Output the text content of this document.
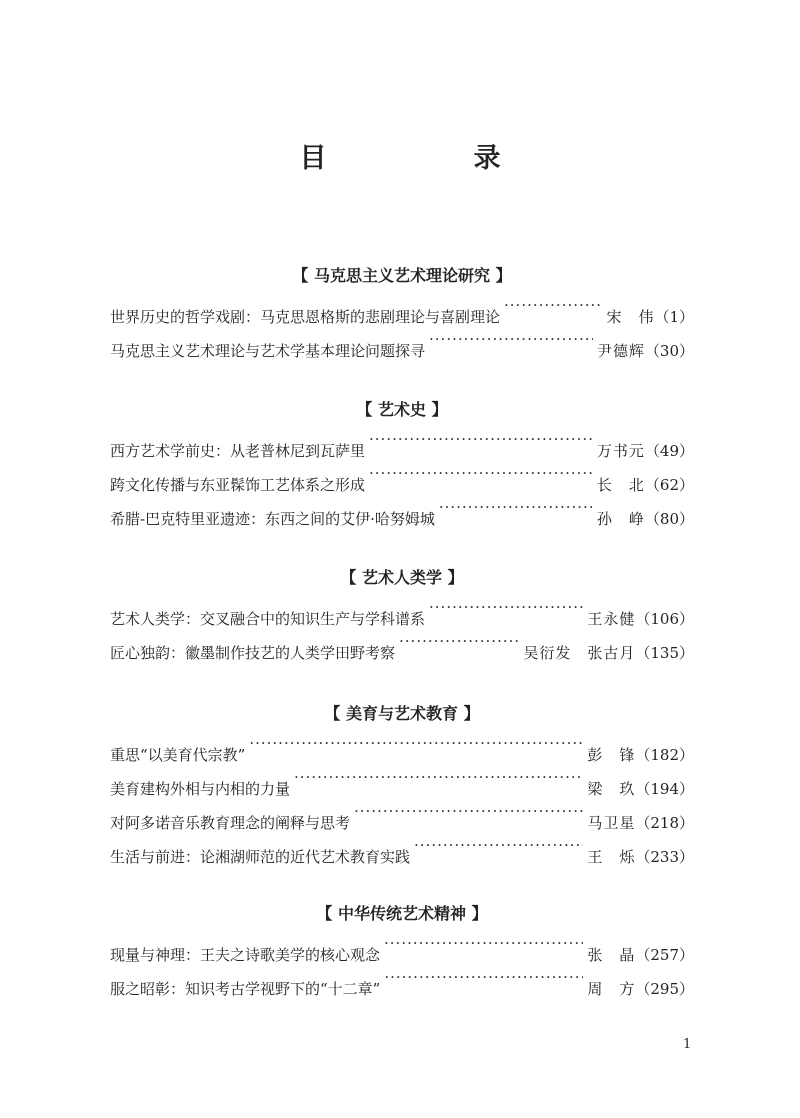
目　录
【 马克思主义艺术理论研究 】
世界历史的哲学戏剧：马克思恩格斯的悲剧理论与喜剧理论 ·····	宋　伟 （1）
马克思主义艺术理论与艺术学基本理论问题探寻 ·····	尹德辉 （30）
【 艺术史 】
西方艺术学前史：从老普林尼到瓦萨里 ·····	万书元 （49）
跨文化传播与东亚髹饰工艺体系之形成 ·····	长　北 （62）
希腊-巴克特里亚遗迹：东西之间的艾伊·哈努姆城 ·····	孙　峥 （80）
【 艺术人类学 】
艺术人类学：交叉融合中的知识生产与学科谱系 ·····	王永健 （106）
匠心独韵：徽墨制作技艺的人类学田野考察 ·····	吴衍发　张古月 （135）
【 美育与艺术教育 】
重思“以美育代宗教” ·····	彭　锋 （182）
美育建构外相与内相的力量 ·····	梁　玖 （194）
对阿多诺音乐教育理念的阐释与思考 ·····	马卫星 （218）
生活与前进：论湘湖师范的近代艺术教育实践 ·····	王　烁 （233）
【 中华传统艺术精神 】
现量与神理：王夫之诗歌美学的核心观念 ·····	张　晶 （257）
服之昭彰：知识考古学视野下的“十二章” ·····	周　方 （295）
1
